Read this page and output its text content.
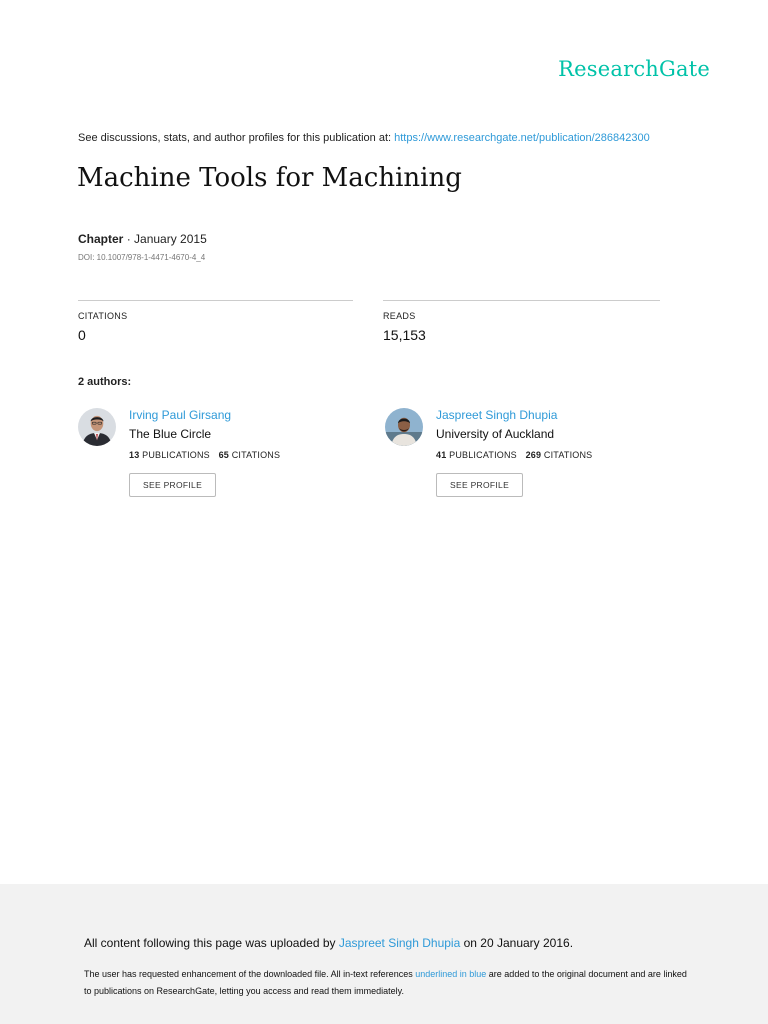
ResearchGate
See discussions, stats, and author profiles for this publication at: https://www.researchgate.net/publication/286842300
Machine Tools for Machining
Chapter · January 2015
DOI: 10.1007/978-1-4471-4670-4_4
CITATIONS
0
READS
15,153
2 authors:
Irving Paul Girsang
The Blue Circle
13 PUBLICATIONS 65 CITATIONS
SEE PROFILE
Jaspreet Singh Dhupia
University of Auckland
41 PUBLICATIONS 269 CITATIONS
SEE PROFILE
All content following this page was uploaded by Jaspreet Singh Dhupia on 20 January 2016.
The user has requested enhancement of the downloaded file. All in-text references underlined in blue are added to the original document and are linked to publications on ResearchGate, letting you access and read them immediately.
